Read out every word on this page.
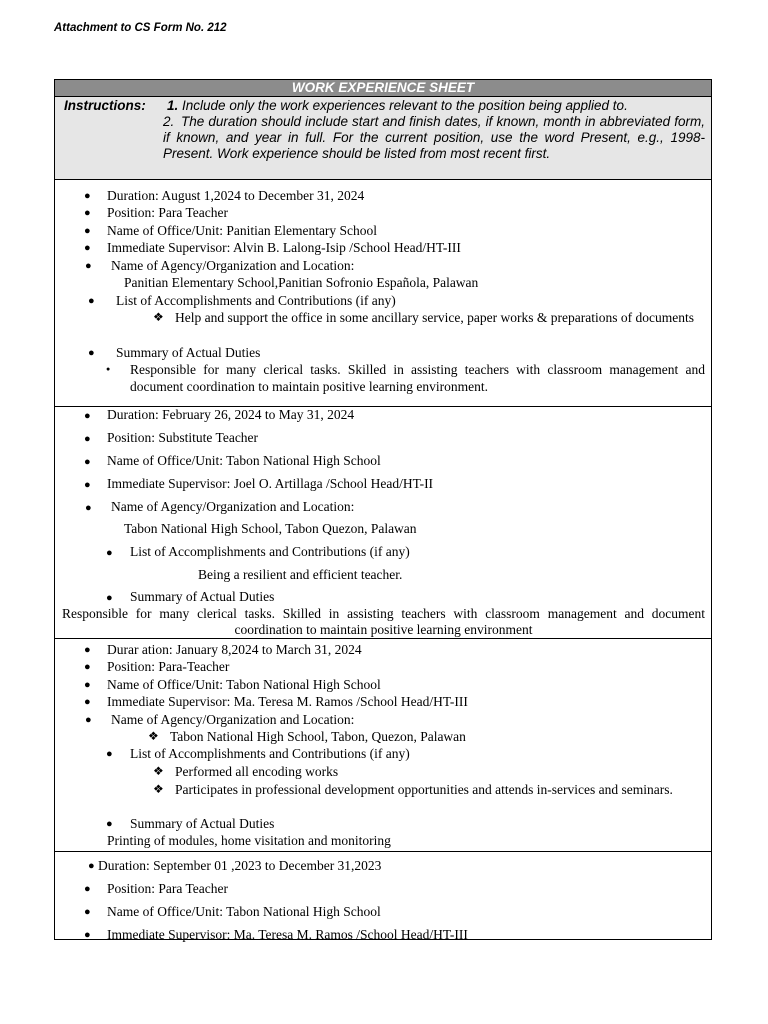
Attachment to CS Form No. 212
WORK EXPERIENCE SHEET
Instructions: 1. Include only the work experiences relevant to the position being applied to.
2. The duration should include start and finish dates, if known, month in abbreviated form, if known, and year in full. For the current position, use the word Present, e.g., 1998-Present. Work experience should be listed from most recent first.
● Duration: August 1,2024 to December 31, 2024
● Position: Para Teacher
● Name of Office/Unit: Panitian Elementary School
● Immediate Supervisor: Alvin B. Lalong-Isip /School Head/HT-III
● Name of Agency/Organization and Location:
Panitian Elementary School,Panitian Sofronio Española, Palawan
● List of Accomplishments and Contributions (if any)
❖ Help and support the office in some ancillary service, paper works & preparations of documents
● Summary of Actual Duties
● Responsible for many clerical tasks. Skilled in assisting teachers with classroom management and document coordination to maintain positive learning environment.
● Duration: February 26, 2024 to May 31, 2024
● Position: Substitute Teacher
● Name of Office/Unit: Tabon National High School
● Immediate Supervisor: Joel O. Artillaga /School Head/HT-II
● Name of Agency/Organization and Location:
Tabon National High School, Tabon Quezon, Palawan
● List of Accomplishments and Contributions (if any)
Being a resilient and efficient teacher.
● Summary of Actual Duties
Responsible for many clerical tasks. Skilled in assisting teachers with classroom management and document coordination to maintain positive learning environment
● Durar ation: January 8,2024 to March 31, 2024
● Position: Para-Teacher
● Name of Office/Unit: Tabon National High School
● Immediate Supervisor: Ma. Teresa M. Ramos /School Head/HT-III
● Name of Agency/Organization and Location:
❖ Tabon National High School, Tabon, Quezon, Palawan
● List of Accomplishments and Contributions (if any)
❖ Performed all encoding works
❖ Participates in professional development opportunities and attends in-services and seminars.
● Summary of Actual Duties
Printing of modules, home visitation and monitoring
● Duration: September 01 ,2023 to December 31,2023
● Position: Para Teacher
● Name of Office/Unit: Tabon National High School
● Immediate Supervisor: Ma. Teresa M. Ramos /School Head/HT-III
